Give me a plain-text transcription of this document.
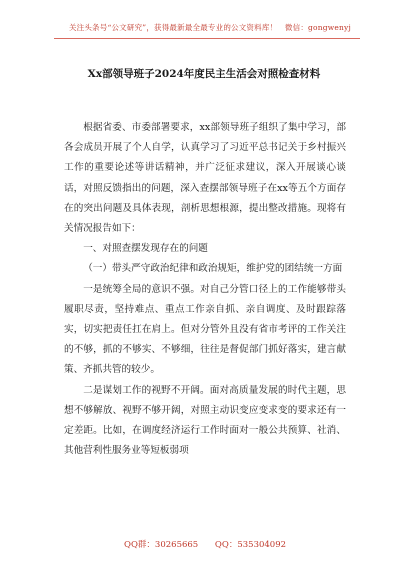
关注头条号“公文研究”，获得最新最全最专业的公文资料库！　微信：gongwenyj
Xx部领导班子2024年度民主生活会对照检查材料

根据省委、市委部署要求，xx部领导班子组织了集中学习，部各会成员开展了个人自学，认真学习了习近平总书记关于乡村振兴工作的重要论述等讲话精神，并广泛征求建议，深入开展谈心谈话，对照反馈指出的问题，深入查摆部领导班子在xx等五个方面存在的突出问题及具体表现，剖析思想根源，提出整改措施。现将有关情况报告如下：

一、对照查摆发现存在的问题

（一）带头严守政治纪律和政治规矩，维护党的团结统一方面

一是统筹全局的意识不强。对自己分管口径上的工作能够带头履职尽责，坚持难点、重点工作亲自抓、亲自调度、及时跟踪落实，切实把责任扛在肩上。但对分管外且没有省市考评的工作关注的不够，抓的不够实、不够细，往往是督促部门抓好落实，建言献策、齐抓共管的较少。

二是谋划工作的视野不开阔。面对高质量发展的时代主题，思想不够解放、视野不够开阔，对照主动识变应变求变的要求还有一定差距。比如，在调度经济运行工作时面对一般公共预算、社消、其他营利性服务业等短板弱项

QQ群：30265665 QQ：535304092
